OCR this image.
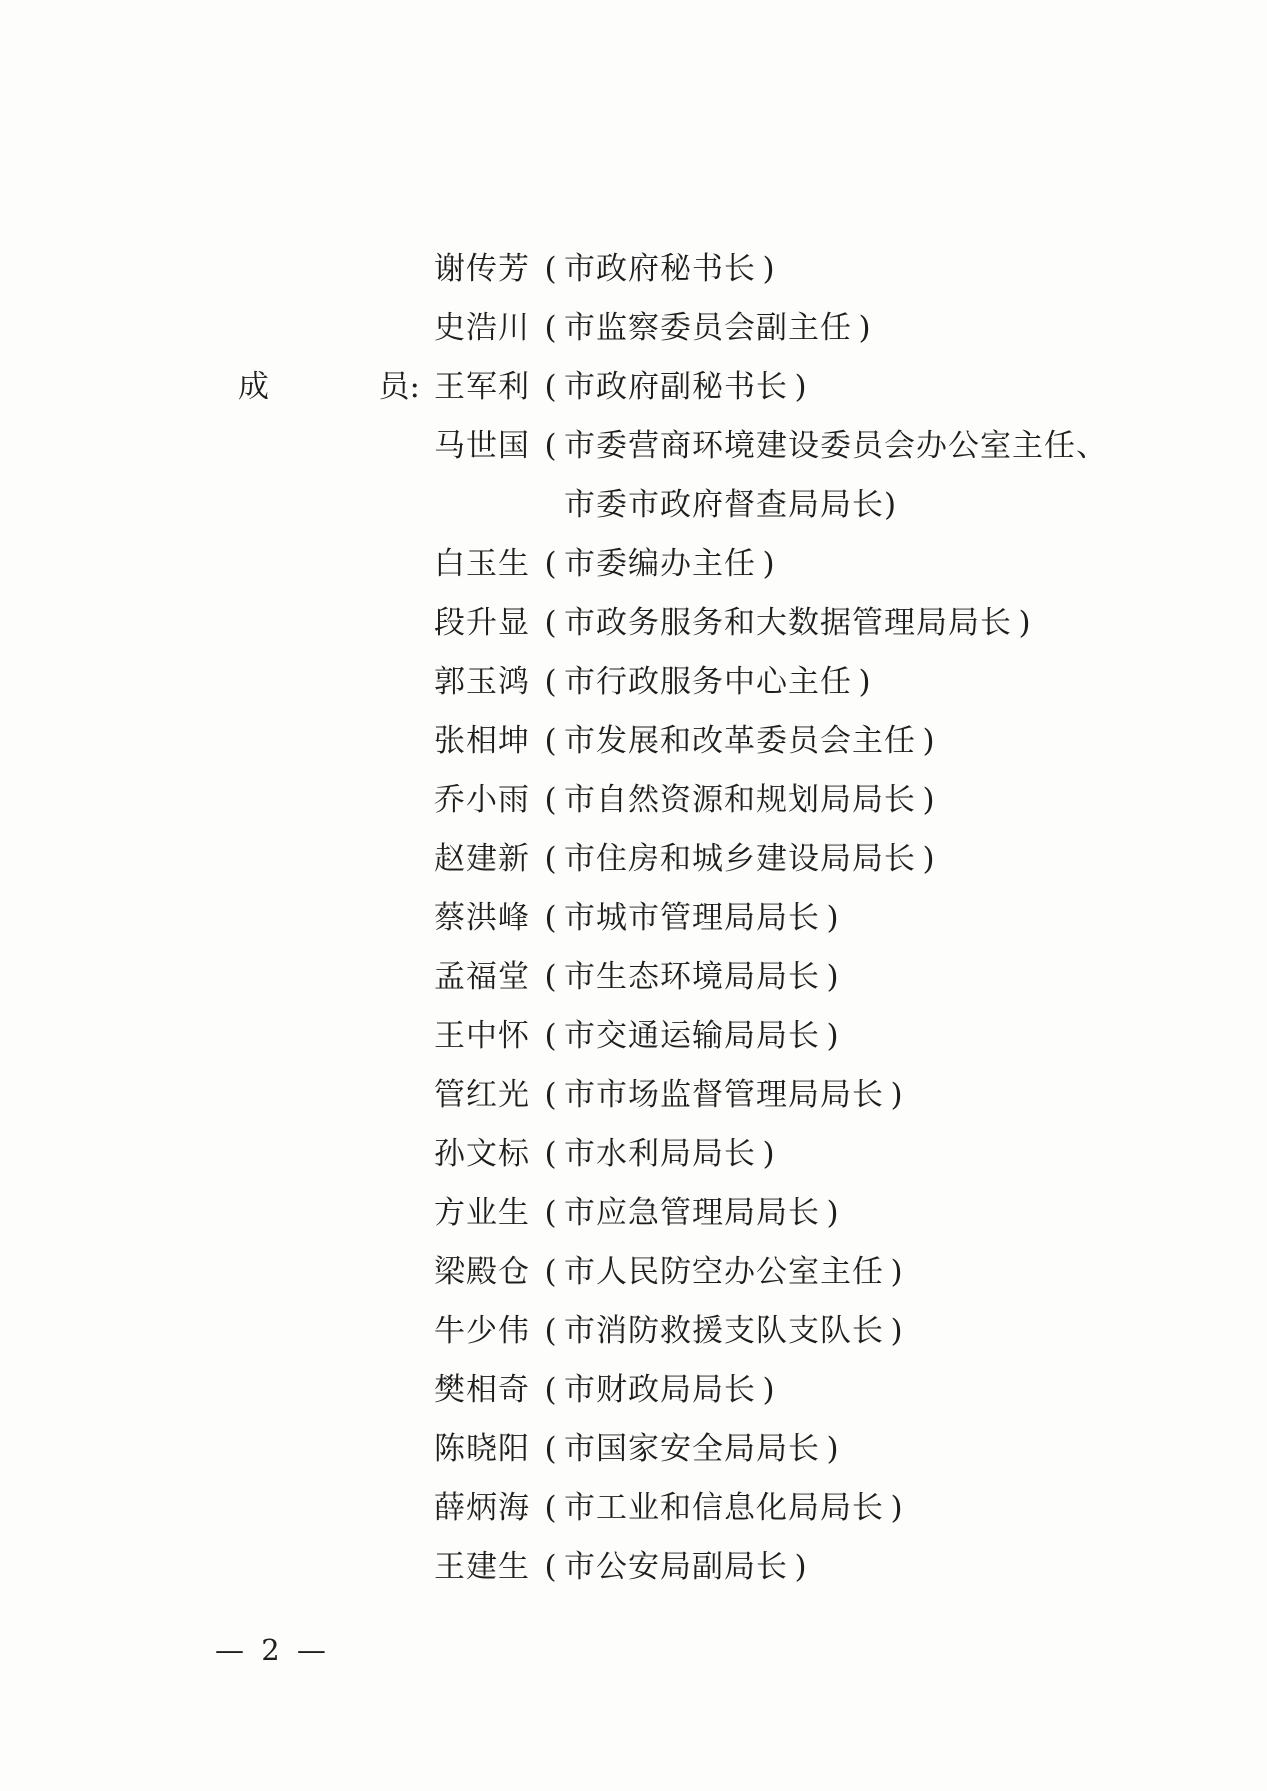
成	员:
谢传芳 ( 市政府秘书长 )
史浩川 ( 市监察委员会副主任 )
王军利 ( 市政府副秘书长 )
马世国 ( 市委营商环境建设委员会办公室主任、
市委市政府督查局局长)
白玉生 ( 市委编办主任 )
段升显 ( 市政务服务和大数据管理局局长 )
郭玉鸿 ( 市行政服务中心主任 )
张相坤 ( 市发展和改革委员会主任 )
乔小雨 ( 市自然资源和规划局局长 )
赵建新 ( 市住房和城乡建设局局长 )
蔡洪峰 ( 市城市管理局局长 )
孟福堂 ( 市生态环境局局长 )
王中怀 ( 市交通运输局局长 )
管红光 ( 市市场监督管理局局长 )
孙文标 ( 市水利局局长 )
方业生 ( 市应急管理局局长 )
梁殿仓 ( 市人民防空办公室主任 )
牛少伟 ( 市消防救援支队支队长 )
樊相奇 ( 市财政局局长 )
陈晓阳 ( 市国家安全局局长 )
薛炳海 ( 市工业和信息化局局长 )
王建生 ( 市公安局副局长 )
— 2 —
